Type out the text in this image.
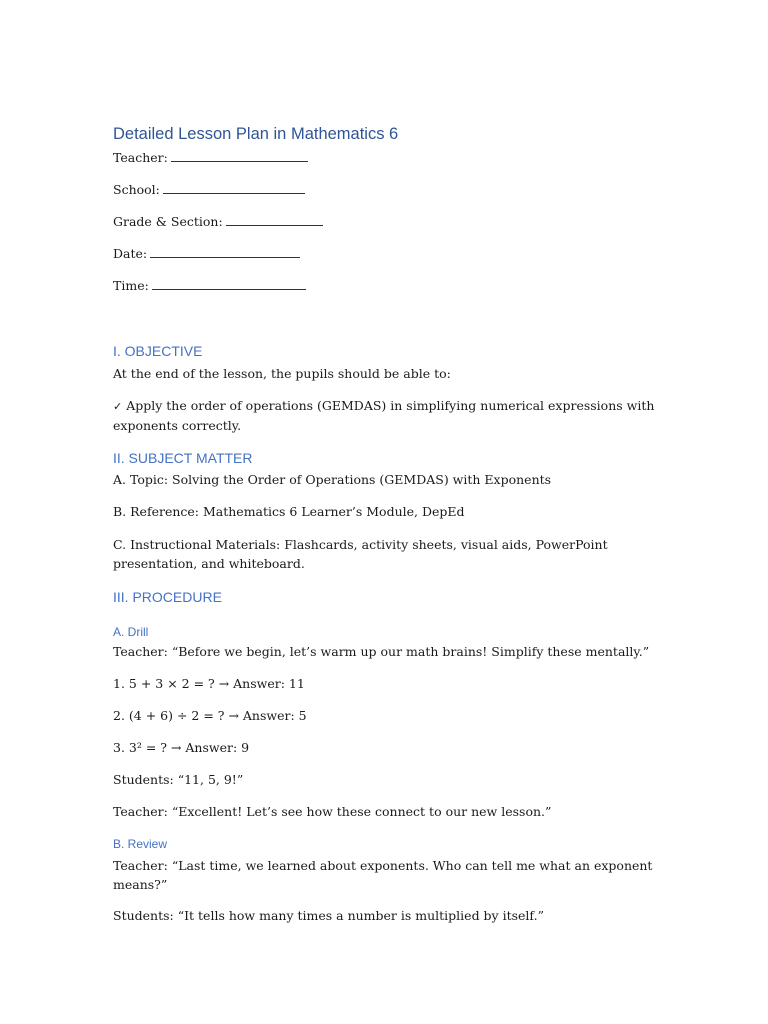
Detailed Lesson Plan in Mathematics 6
Teacher:
School:
Grade & Section:
Date:
Time:
I. OBJECTIVE
At the end of the lesson, the pupils should be able to:
✓ Apply the order of operations (GEMDAS) in simplifying numerical expressions with exponents correctly.
II. SUBJECT MATTER
A. Topic: Solving the Order of Operations (GEMDAS) with Exponents
B. Reference: Mathematics 6 Learner’s Module, DepEd
C. Instructional Materials: Flashcards, activity sheets, visual aids, PowerPoint presentation, and whiteboard.
III. PROCEDURE
A. Drill
Teacher: “Before we begin, let’s warm up our math brains! Simplify these mentally.”
1. 5 + 3 × 2 = ? → Answer: 11
2. (4 + 6) ÷ 2 = ? → Answer: 5
3. 3² = ? → Answer: 9
Students: “11, 5, 9!”
Teacher: “Excellent! Let’s see how these connect to our new lesson.”
B. Review
Teacher: “Last time, we learned about exponents. Who can tell me what an exponent means?”
Students: “It tells how many times a number is multiplied by itself.”
